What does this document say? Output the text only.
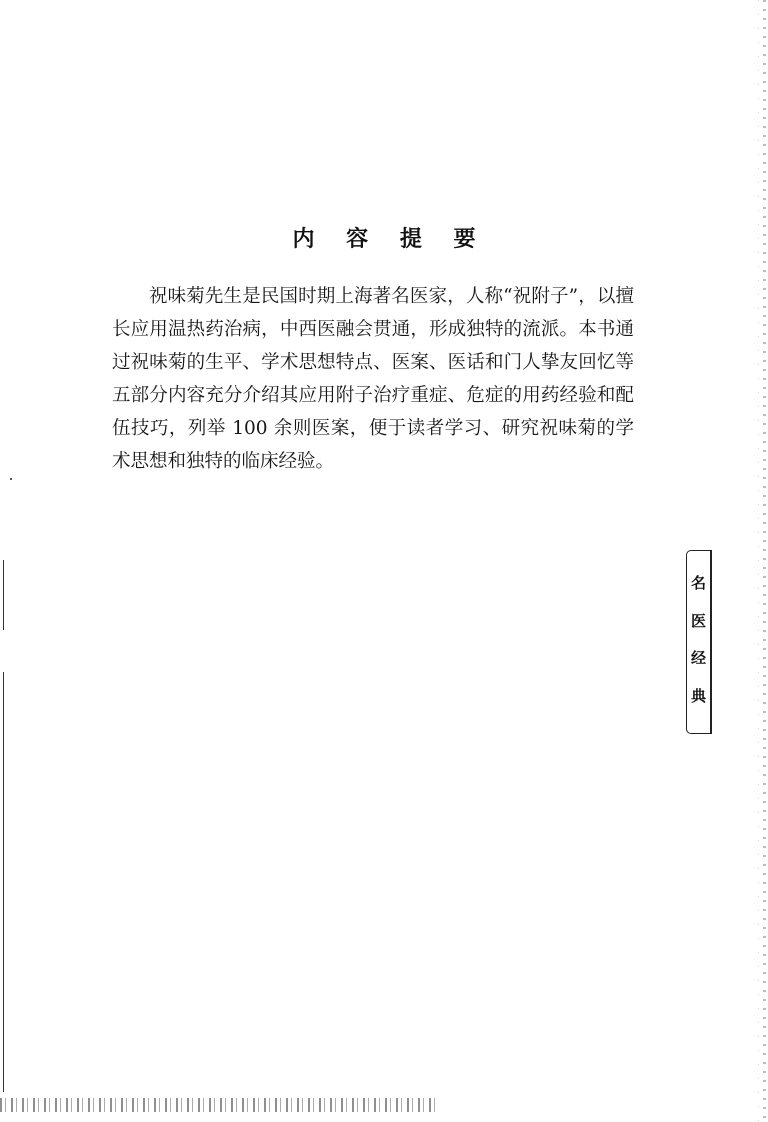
内 容 提 要

祝味菊先生是民国时期上海著名医家，人称“祝附子”，以擅长应用温热药治病，中西医融会贯通，形成独特的流派。本书通过祝味菊的生平、学术思想特点、医案、医话和门人挚友回忆等五部分内容充分介绍其应用附子治疗重症、危症的用药经验和配伍技巧，列举 100 余则医案，便于读者学习、研究祝味菊的学术思想和独特的临床经验。

名
医
经
典
